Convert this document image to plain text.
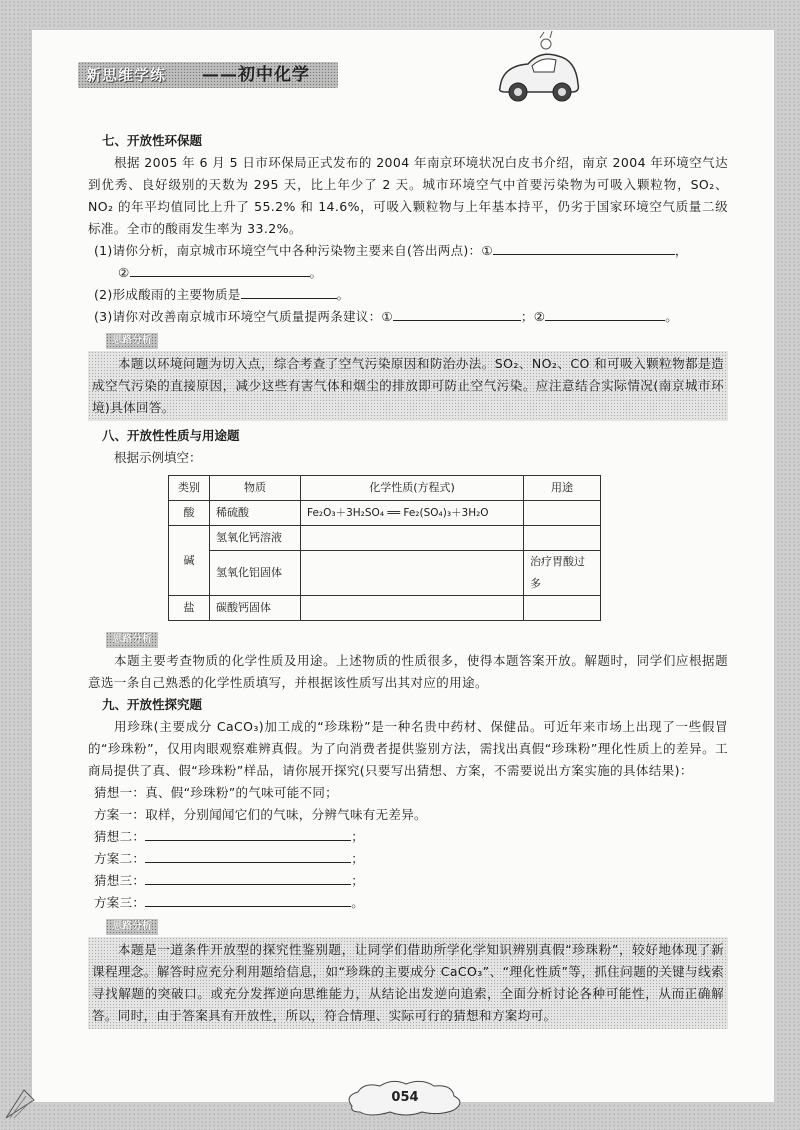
新思维学练 ——初中化学
七、开放性环保题
根据 2005 年 6 月 5 日市环保局正式发布的 2004 年南京环境状况白皮书介绍，南京 2004 年环境空气达到优秀、良好级别的天数为 295 天，比上年少了 2 天。城市环境空气中首要污染物为可吸入颗粒物，SO₂、NO₂ 的年平均值同比上升了 55.2% 和 14.6%，可吸入颗粒物与上年基本持平，仍劣于国家环境空气质量二级标准。全市的酸雨发生率为 33.2%。
(1)请你分析，南京城市环境空气中各种污染物主要来自(答出两点)：①	，
②	。
(2)形成酸雨的主要物质是	。
(3)请你对改善南京城市环境空气质量提两条建议：①	；②	。
思路分析
本题以环境问题为切入点，综合考查了空气污染原因和防治办法。SO₂、NO₂、CO 和可吸入颗粒物都是造成空气污染的直接原因，减少这些有害气体和烟尘的排放即可防止空气污染。应注意结合实际情况(南京城市环境)具体回答。
八、开放性性质与用途题
根据示例填空：
类别	物质	化学性质(方程式)	用途
酸	稀硫酸	Fe₂O₃＋3H₂SO₄ ══ Fe₂(SO₄)₃＋3H₂O	
碱	氢氧化钙溶液		
	氢氧化铝固体		治疗胃酸过多
盐	碳酸钙固体		
思路分析
本题主要考查物质的化学性质及用途。上述物质的性质很多，使得本题答案开放。解题时，同学们应根据题意选一条自己熟悉的化学性质填写，并根据该性质写出其对应的用途。
九、开放性探究题
用珍珠(主要成分 CaCO₃)加工成的“珍珠粉”是一种名贵中药材、保健品。可近年来市场上出现了一些假冒的“珍珠粉”，仅用肉眼观察难辨真假。为了向消费者提供鉴别方法，需找出真假“珍珠粉”理化性质上的差异。工商局提供了真、假“珍珠粉”样品，请你展开探究(只要写出猜想、方案，不需要说出方案实施的具体结果)：
猜想一：真、假“珍珠粉”的气味可能不同；
方案一：取样，分别闻闻它们的气味，分辨气味有无差异。
猜想二：	；
方案二：	；
猜想三：	；
方案三：	。
思路分析
本题是一道条件开放型的探究性鉴别题，让同学们借助所学化学知识辨别真假“珍珠粉”，较好地体现了新课程理念。解答时应充分利用题给信息，如“珍珠的主要成分 CaCO₃”、“理化性质”等，抓住问题的关键与线索寻找解题的突破口。或充分发挥逆向思维能力，从结论出发逆向追索，全面分析讨论各种可能性，从而正确解答。同时，由于答案具有开放性，所以，符合情理、实际可行的猜想和方案均可。
054
